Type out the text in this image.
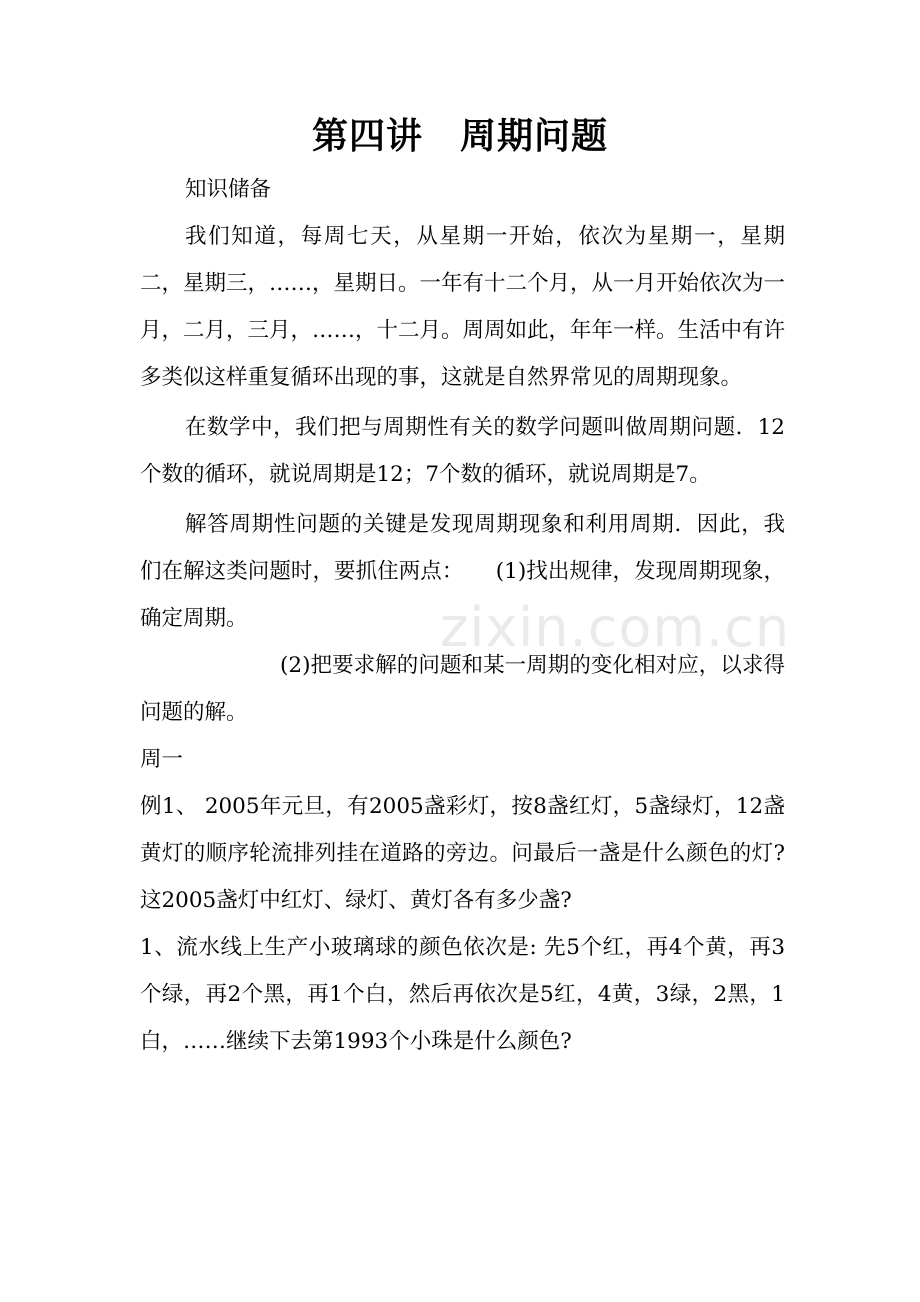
第四讲　周期问题

知识储备

我们知道，每周七天，从星期一开始，依次为星期一，星期二，星期三，……，星期日。一年有十二个月，从一月开始依次为一月，二月，三月，……，十二月。周周如此，年年一样。生活中有许多类似这样重复循环出现的事，这就是自然界常见的周期现象。

在数学中，我们把与周期性有关的数学问题叫做周期问题．12个数的循环，就说周期是12；7个数的循环，就说周期是7。

解答周期性问题的关键是发现周期现象和利用周期．因此，我们在解这类问题时，要抓住两点：　　(1)找出规律，发现周期现象，确定周期。

(2)把要求解的问题和某一周期的变化相对应，以求得问题的解。

周一

例1、 2005年元旦，有2005盏彩灯，按8盏红灯，5盏绿灯，12盏黄灯的顺序轮流排列挂在道路的旁边。问最后一盏是什么颜色的灯?这2005盏灯中红灯、绿灯、黄灯各有多少盏?

1、流水线上生产小玻璃球的颜色依次是: 先5个红，再4个黄，再3个绿，再2个黑，再1个白，然后再依次是5红，4黄，3绿，2黑，1白，……继续下去第1993个小珠是什么颜色?

zixin.com.cn
